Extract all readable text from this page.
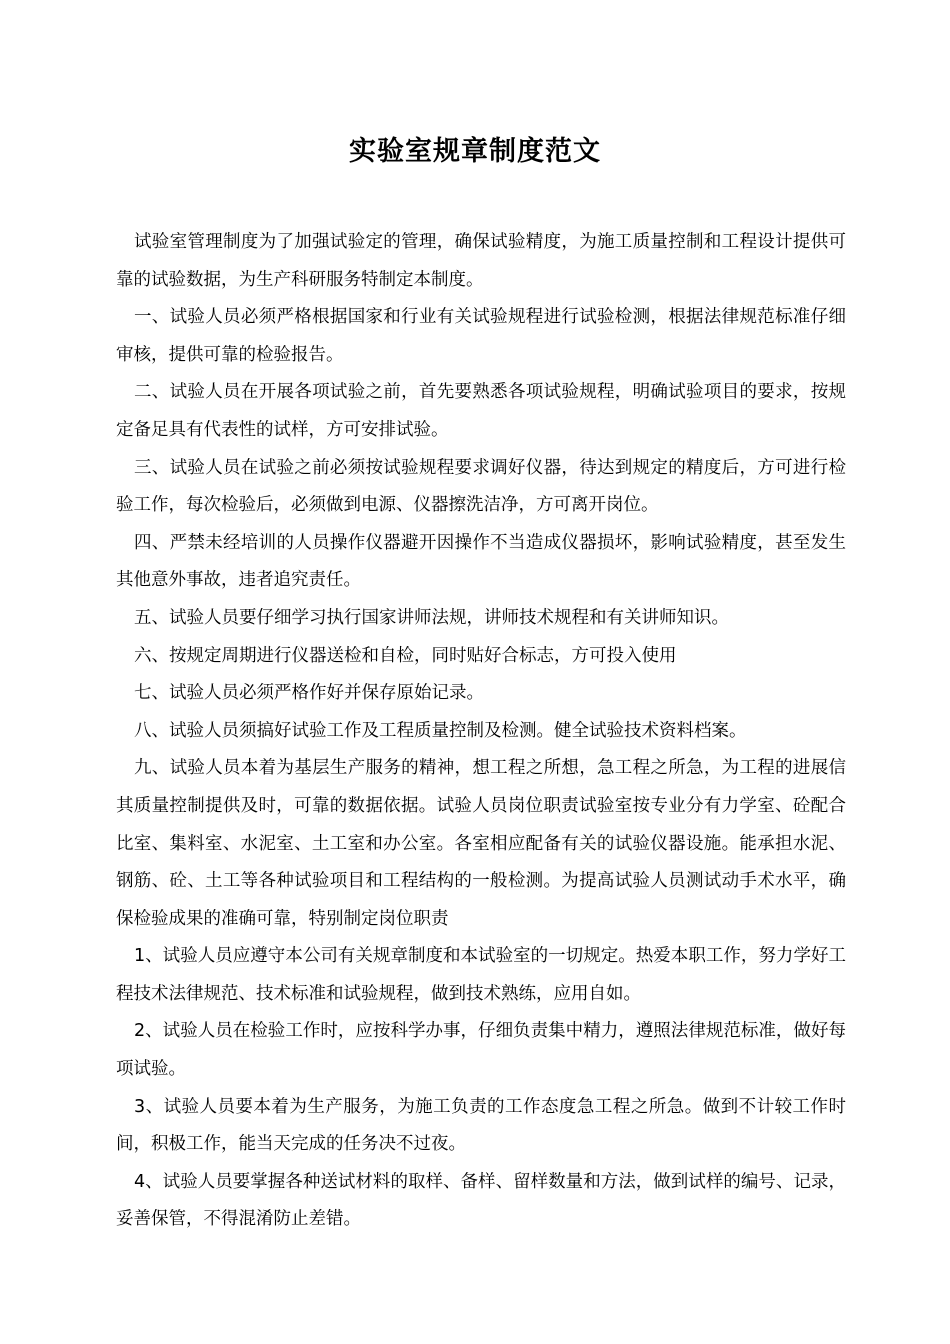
实验室规章制度范文

试验室管理制度为了加强试验定的管理，确保试验精度，为施工质量控制和工程设计提供可靠的试验数据，为生产科研服务特制定本制度。

一、试验人员必须严格根据国家和行业有关试验规程进行试验检测，根据法律规范标准仔细审核，提供可靠的检验报告。

二、试验人员在开展各项试验之前，首先要熟悉各项试验规程，明确试验项目的要求，按规定备足具有代表性的试样，方可安排试验。

三、试验人员在试验之前必须按试验规程要求调好仪器，待达到规定的精度后，方可进行检验工作，每次检验后，必须做到电源、仪器擦洗洁净，方可离开岗位。

四、严禁未经培训的人员操作仪器避开因操作不当造成仪器损坏，影响试验精度，甚至发生其他意外事故，违者追究责任。

五、试验人员要仔细学习执行国家讲师法规，讲师技术规程和有关讲师知识。

六、按规定周期进行仪器送检和自检，同时贴好合标志，方可投入使用

七、试验人员必须严格作好并保存原始记录。

八、试验人员须搞好试验工作及工程质量控制及检测。健全试验技术资料档案。

九、试验人员本着为基层生产服务的精神，想工程之所想，急工程之所急，为工程的进展信其质量控制提供及时，可靠的数据依据。试验人员岗位职责试验室按专业分有力学室、砼配合比室、集料室、水泥室、土工室和办公室。各室相应配备有关的试验仪器设施。能承担水泥、钢筋、砼、土工等各种试验项目和工程结构的一般检测。为提高试验人员测试动手术水平，确保检验成果的准确可靠，特别制定岗位职责

1、试验人员应遵守本公司有关规章制度和本试验室的一切规定。热爱本职工作，努力学好工程技术法律规范、技术标准和试验规程，做到技术熟练，应用自如。

2、试验人员在检验工作时，应按科学办事，仔细负责集中精力，遵照法律规范标准，做好每项试验。

3、试验人员要本着为生产服务，为施工负责的工作态度急工程之所急。做到不计较工作时间，积极工作，能当天完成的任务决不过夜。

4、试验人员要掌握各种送试材料的取样、备样、留样数量和方法，做到试样的编号、记录，妥善保管，不得混淆防止差错。
